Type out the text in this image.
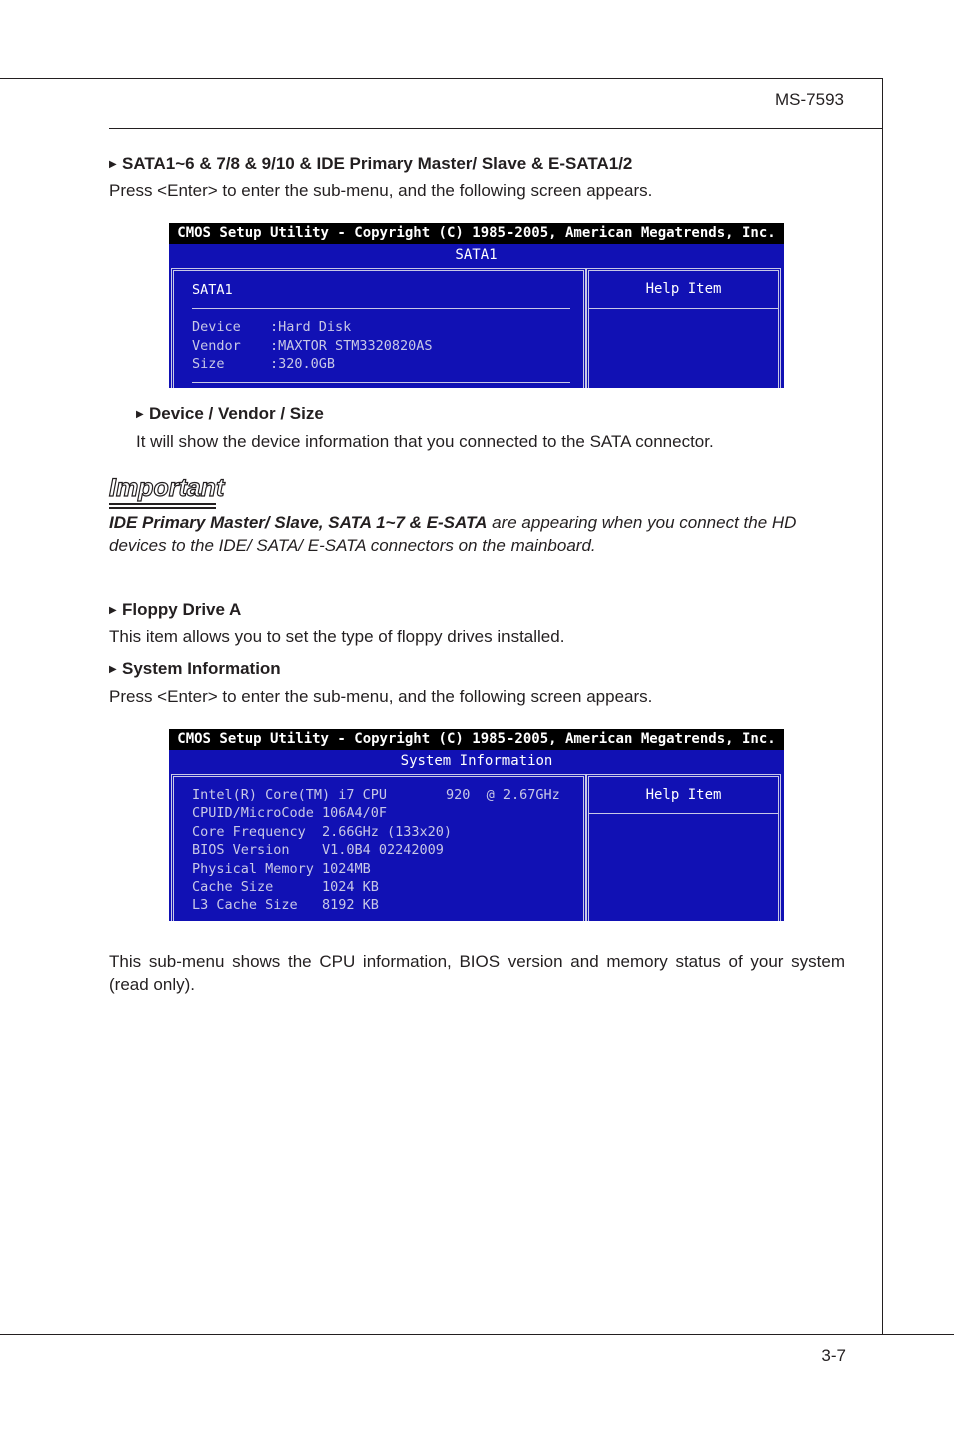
MS-7593
3-7
▶ SATA1~6 & 7/8 & 9/10 & IDE Primary Master/ Slave & E-SATA1/2
Press <Enter> to enter the sub-menu, and the following screen appears.
CMOS Setup Utility - Copyright (C) 1985-2005, American Megatrends, Inc.
SATA1
Help Item
SATA1
Device :Hard Disk
Vendor :MAXTOR STM3320820AS
Size	:320.0GB
▶ Device / Vendor / Size
It will show the device information that you connected to the SATA connector.
Important
IDE Primary Master/ Slave, SATA 1~7 & E-SATA are appearing when you connect the HD devices to the IDE/ SATA/ E-SATA connectors on the mainboard.
▶ Floppy Drive A
This item allows you to set the type of floppy drives installed.
▶ System Information
Press <Enter> to enter the sub-menu, and the following screen appears.
CMOS Setup Utility - Copyright (C) 1985-2005, American Megatrends, Inc.
System Information
Help Item
Intel(R) Core(TM) i7 CPU	920  @ 2.67GHz
CPUID/MicroCode 106A4/0F
Core Frequency 2.66GHz (133x20)
BIOS Version V1.0B4 02242009
Physical Memory 1024MB
Cache Size	1024 KB
L3 Cache Size 8192 KB
This sub-menu shows the CPU information, BIOS version and memory status of your system (read only).
